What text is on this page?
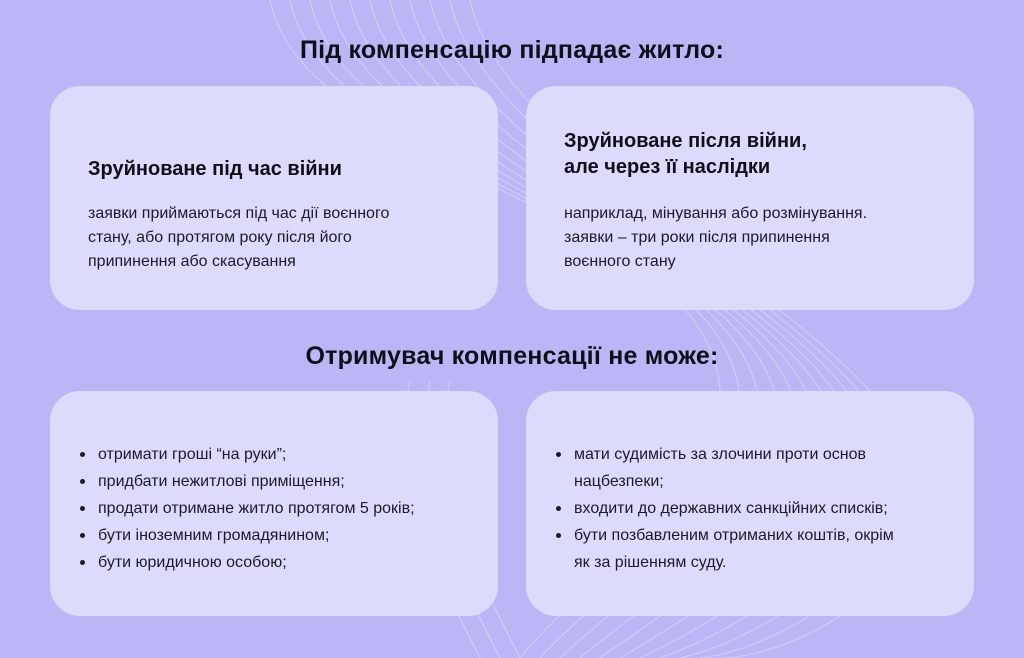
Під компенсацію підпадає житло:
Зруйноване під час війни
заявки приймаються під час дії воєнного
стану, або протягом року після його
припинення або скасування
Зруйноване після війни,
але через її наслідки
наприклад, мінування або розмінування.
заявки – три роки після припинення
воєнного стану
Отримувач компенсації не може:
отримати гроші “на руки”;
придбати нежитлові приміщення;
продати отримане житло протягом 5 років;
бути іноземним громадянином;
бути юридичною особою;
мати судимість за злочини проти основ
нацбезпеки;
входити до державних санкційних списків;
бути позбавленим отриманих коштів, окрім
як за рішенням суду.
